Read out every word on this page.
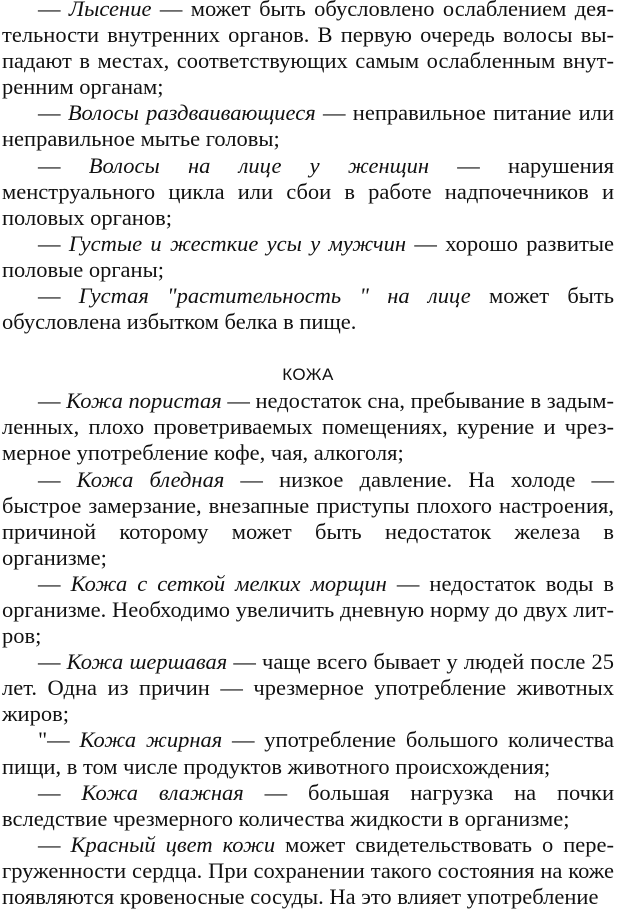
— Лысение — может быть обусловлено ослаблением деятельности внутренних органов. В первую очередь волосы выпадают в местах, соответствующих самым ослабленным внутренним органам;

— Волосы раздваивающиеся — неправильное питание или неправильное мытье головы;

— Волосы на лице у женщин — нарушения менструального цикла или сбои в работе надпочечников и половых органов;

— Густые и жесткие усы у мужчин — хорошо развитые половые органы;

— Густая "растительность " на лице может быть обусловлена избытком белка в пище.

КОЖА

— Кожа пористая — недостаток сна, пребывание в задымленных, плохо проветриваемых помещениях, курение и чрезмерное употребление кофе, чая, алкоголя;

— Кожа бледная — низкое давление. На холоде — быстрое замерзание, внезапные приступы плохого настроения, причиной которому может быть недостаток железа в организме;

— Кожа с сеткой мелких морщин — недостаток воды в организме. Необходимо увеличить дневную норму до двух литров;

— Кожа шершавая — чаще всего бывает у людей после 25 лет. Одна из причин — чрезмерное употребление животных жиров;

"— Кожа жирная — употребление большого количества пищи, в том числе продуктов животного происхождения;

— Кожа влажная — большая нагрузка на почки вследствие чрезмерного количества жидкости в организме;

— Красный цвет кожи может свидетельствовать о перегруженности сердца. При сохранении такого состояния на коже появляются кровеносные сосуды. На это влияет употребление
